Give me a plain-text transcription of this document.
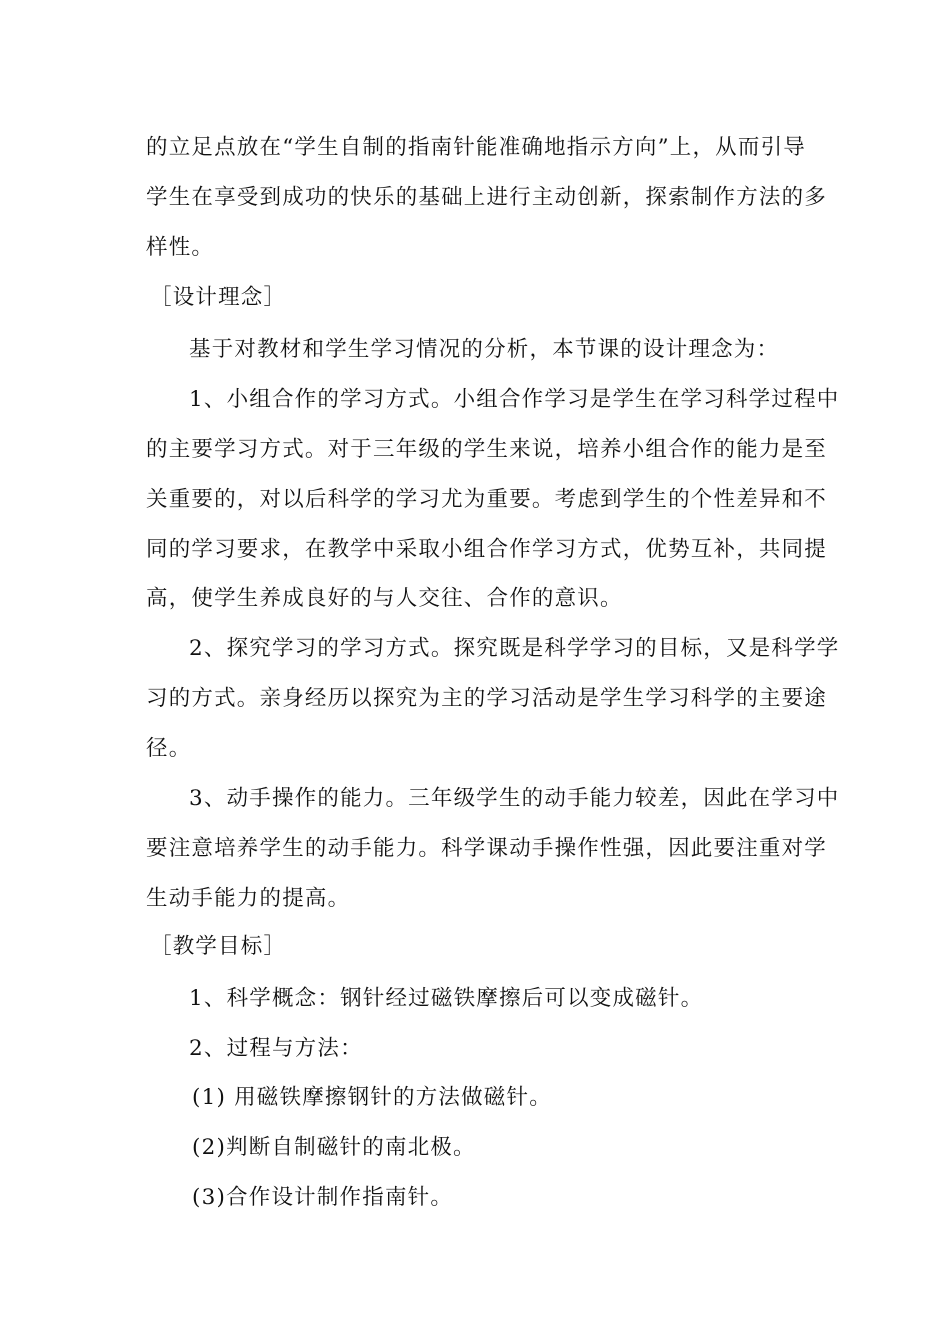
的立足点放在“学生自制的指南针能准确地指示方向”上，从而引导
学生在享受到成功的快乐的基础上进行主动创新，探索制作方法的多
样性。
［设计理念］
基于对教材和学生学习情况的分析，本节课的设计理念为：
1、小组合作的学习方式。小组合作学习是学生在学习科学过程中
的主要学习方式。对于三年级的学生来说，培养小组合作的能力是至
关重要的，对以后科学的学习尤为重要。考虑到学生的个性差异和不
同的学习要求，在教学中采取小组合作学习方式，优势互补，共同提
高，使学生养成良好的与人交往、合作的意识。
2、探究学习的学习方式。探究既是科学学习的目标，又是科学学
习的方式。亲身经历以探究为主的学习活动是学生学习科学的主要途
径。
3、动手操作的能力。三年级学生的动手能力较差，因此在学习中
要注意培养学生的动手能力。科学课动手操作性强，因此要注重对学
生动手能力的提高。
［教学目标］
1、科学概念：钢针经过磁铁摩擦后可以变成磁针。
2、过程与方法：
(1) 用磁铁摩擦钢针的方法做磁针。
(2)判断自制磁针的南北极。
(3)合作设计制作指南针。
